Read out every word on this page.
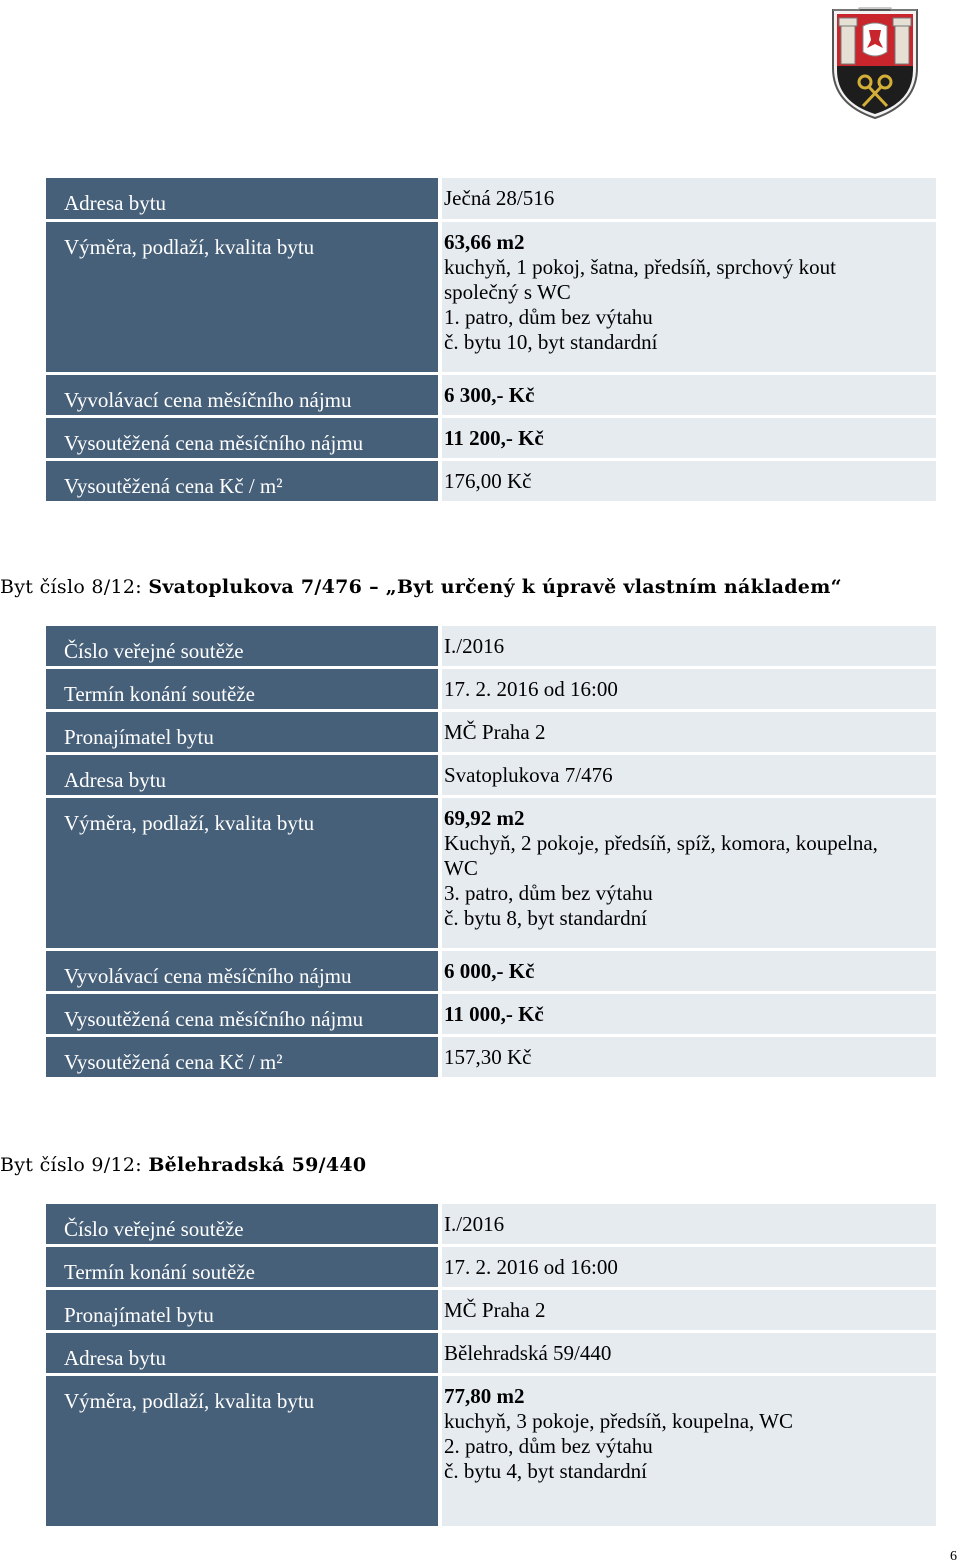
Adresa bytu		Ječná 28/516

Výměra, podlaží, kvalita bytu		63,66 m2
kuchyň, 1 pokoj, šatna, předsíň, sprchový kout
společný s WC
1. patro, dům bez výtahu
č. bytu 10, byt standardní

Vyvolávací cena měsíčního nájmu		6 300,- Kč

Vysoutěžená cena měsíčního nájmu		11 200,- Kč

Vysoutěžená cena Kč / m²		176,00 Kč
Byt číslo 8/12: Svatoplukova 7/476 – „Byt určený k úpravě vlastním nákladem“
Číslo veřejné soutěže		I./2016

Termín konání soutěže		17. 2. 2016 od 16:00

Pronajímatel bytu		MČ Praha 2

Adresa bytu		Svatoplukova 7/476

Výměra, podlaží, kvalita bytu		69,92 m2
Kuchyň, 2 pokoje, předsíň, spíž, komora, koupelna,
WC
3. patro, dům bez výtahu
č. bytu 8, byt standardní

Vyvolávací cena měsíčního nájmu		6 000,- Kč

Vysoutěžená cena měsíčního nájmu		11 000,- Kč

Vysoutěžená cena Kč / m²		157,30 Kč
Byt číslo 9/12: Bělehradská 59/440
Číslo veřejné soutěže		I./2016

Termín konání soutěže		17. 2. 2016 od 16:00

Pronajímatel bytu		MČ Praha 2

Adresa bytu		Bělehradská 59/440

Výměra, podlaží, kvalita bytu		77,80 m2
kuchyň, 3 pokoje, předsíň, koupelna, WC
2. patro, dům bez výtahu
č. bytu 4, byt standardní
6
